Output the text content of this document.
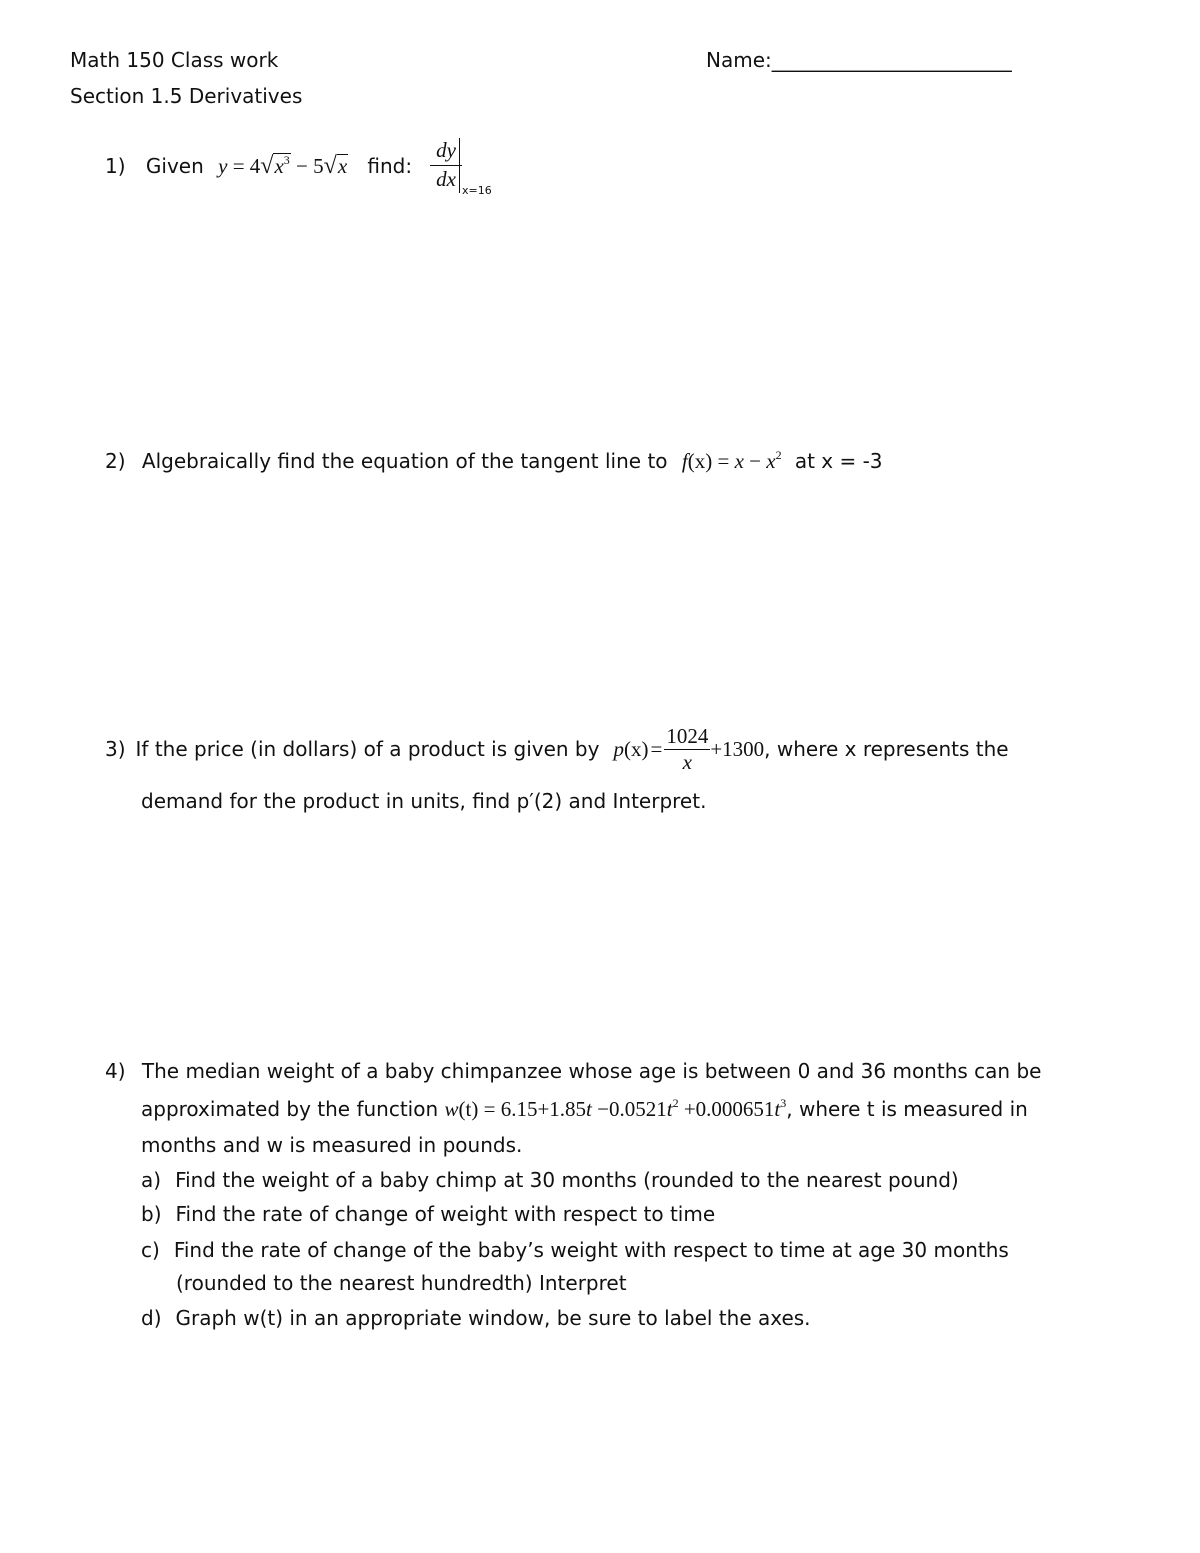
Math 150 Class work
Section 1.5 Derivatives
Name:________________________
1) Given $y = 4√x^3 - 5√x$ find:
dy
dx x=16
2) Algebraically find the equation of the tangent line to $f(x) = x - x^2$ at x = -3
3) If the price (in dollars) of a product is given by p $(x) = \frac{1024}{x} +1300$ , where x represents the
demand for the product in units, find p′(2) and Interpret.
4) The median weight of a baby chimpanzee whose age is between 0 and 36 months can be
approximated by the function $w(t) = 6.15+1.85t -0.0521t^2 +0.000651t^3$, where t is measured in
months and w is measured in pounds.
a) Find the weight of a baby chimp at 30 months (rounded to the nearest pound)
b) Find the rate of change of weight with respect to time
c) Find the rate of change of the baby’s weight with respect to time at age 30 months
(rounded to the nearest hundredth) Interpret
d) Graph w(t) in an appropriate window, be sure to label the axes.
